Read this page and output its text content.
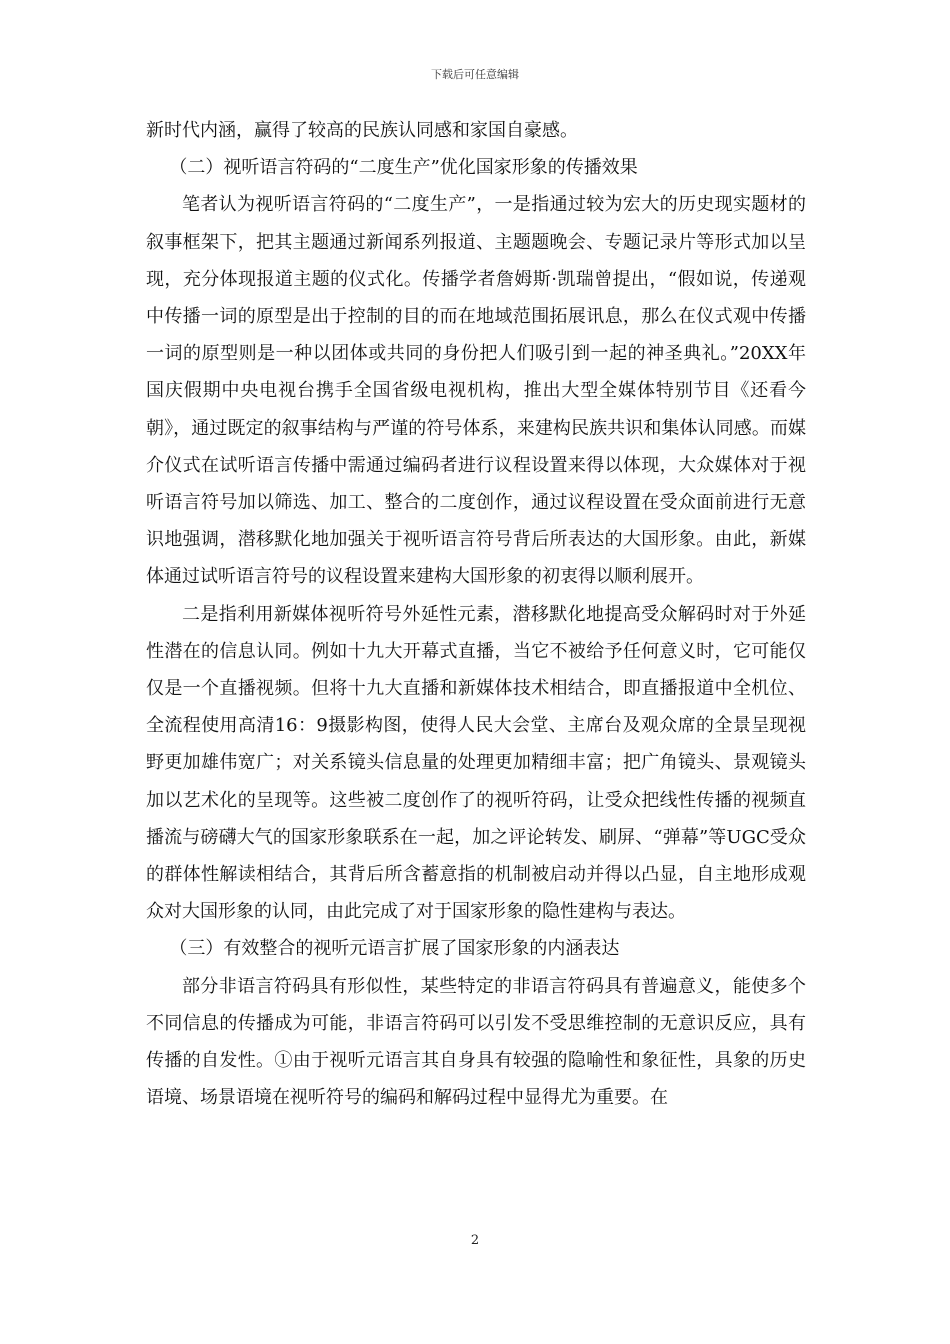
下载后可任意编辑

新时代内涵，赢得了较高的民族认同感和家国自豪感。

（二）视听语言符码的“二度生产”优化国家形象的传播效果

笔者认为视听语言符码的“二度生产”，一是指通过较为宏大的历史现实题材的叙事框架下，把其主题通过新闻系列报道、主题题晚会、专题记录片等形式加以呈现，充分体现报道主题的仪式化。传播学者詹姆斯·凯瑞曾提出，“假如说，传递观中传播一词的原型是出于控制的目的而在地域范围拓展讯息，那么在仪式观中传播一词的原型则是一种以团体或共同的身份把人们吸引到一起的神圣典礼。”20XX年国庆假期中央电视台携手全国省级电视机构，推出大型全媒体特别节目《还看今朝》，通过既定的叙事结构与严谨的符号体系，来建构民族共识和集体认同感。而媒介仪式在试听语言传播中需通过编码者进行议程设置来得以体现，大众媒体对于视听语言符号加以筛选、加工、整合的二度创作，通过议程设置在受众面前进行无意识地强调，潜移默化地加强关于视听语言符号背后所表达的大国形象。由此，新媒体通过试听语言符号的议程设置来建构大国形象的初衷得以顺利展开。

二是指利用新媒体视听符号外延性元素，潜移默化地提高受众解码时对于外延性潜在的信息认同。例如十九大开幕式直播，当它不被给予任何意义时，它可能仅仅是一个直播视频。但将十九大直播和新媒体技术相结合，即直播报道中全机位、全流程使用高清16：9摄影构图，使得人民大会堂、主席台及观众席的全景呈现视野更加雄伟宽广；对关系镜头信息量的处理更加精细丰富；把广角镜头、景观镜头加以艺术化的呈现等。这些被二度创作了的视听符码，让受众把线性传播的视频直播流与磅礴大气的国家形象联系在一起，加之评论转发、刷屏、“弹幕”等UGC受众的群体性解读相结合，其背后所含蓄意指的机制被启动并得以凸显，自主地形成观众对大国形象的认同，由此完成了对于国家形象的隐性建构与表达。

（三）有效整合的视听元语言扩展了国家形象的内涵表达

部分非语言符码具有形似性，某些特定的非语言符码具有普遍意义，能使多个不同信息的传播成为可能，非语言符码可以引发不受思维控制的无意识反应，具有传播的自发性。①由于视听元语言其自身具有较强的隐喻性和象征性，具象的历史语境、场景语境在视听符号的编码和解码过程中显得尤为重要。在

2
